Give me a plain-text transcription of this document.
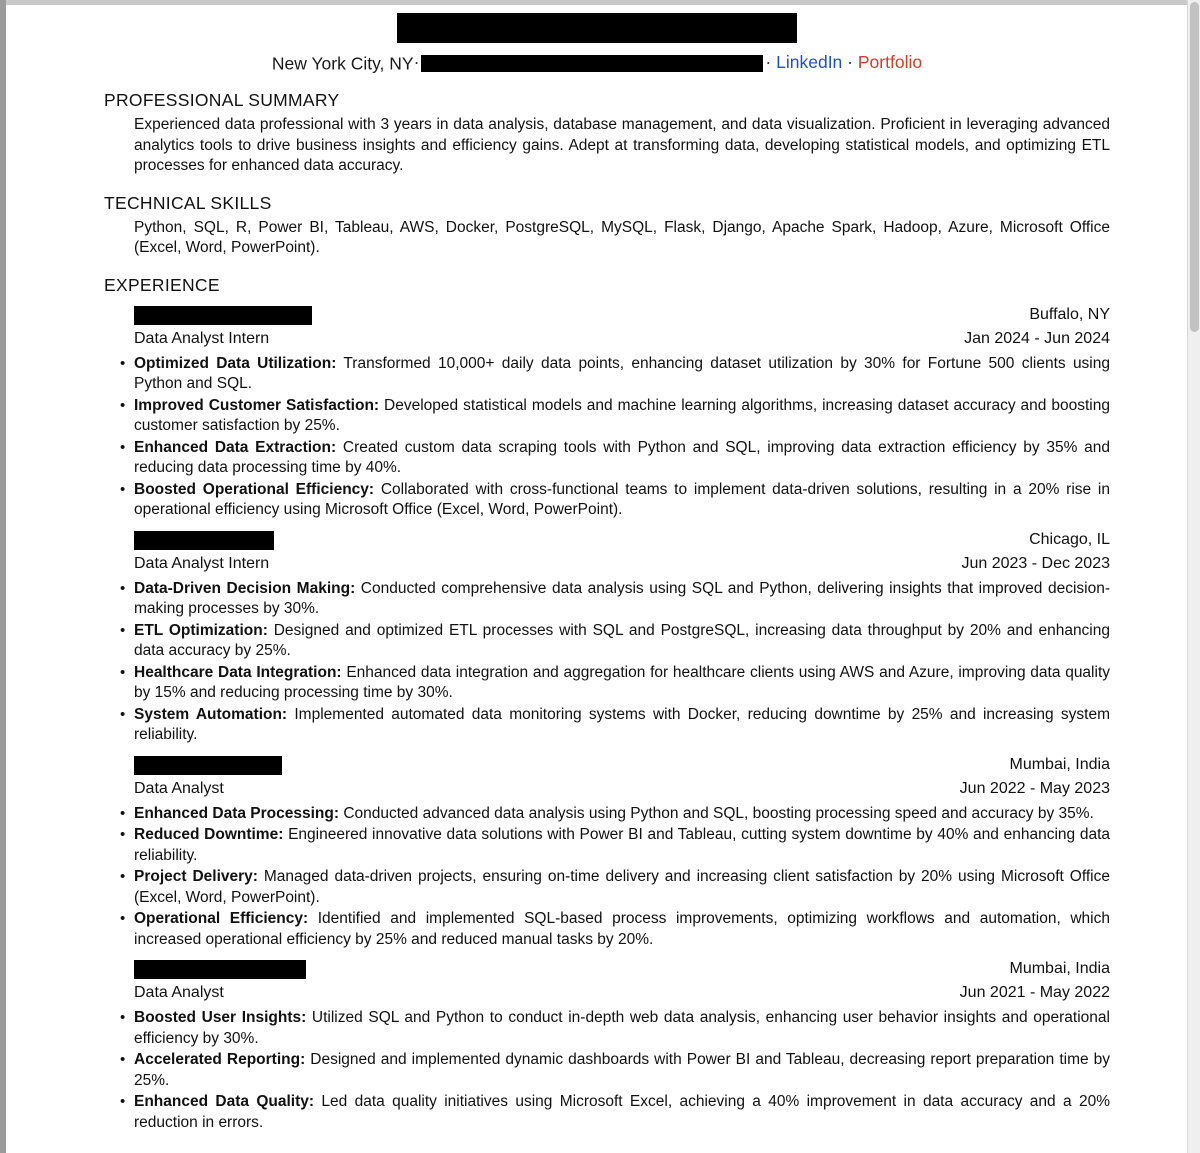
New York City, NY·	· LinkedIn · Portfolio
PROFESSIONAL SUMMARY
Experienced data professional with 3 years in data analysis, database management, and data visualization. Proficient in leveraging advanced analytics tools to drive business insights and efficiency gains. Adept at transforming data, developing statistical models, and optimizing ETL processes for enhanced data accuracy.
TECHNICAL SKILLS
Python, SQL, R, Power BI, Tableau, AWS, Docker, PostgreSQL, MySQL, Flask, Django, Apache Spark, Hadoop, Azure, Microsoft Office (Excel, Word, PowerPoint).
EXPERIENCE
Buffalo, NY
Data Analyst Intern	Jan 2024 - Jun 2024
• Optimized Data Utilization: Transformed 10,000+ daily data points, enhancing dataset utilization by 30% for Fortune 500 clients using Python and SQL.
• Improved Customer Satisfaction: Developed statistical models and machine learning algorithms, increasing dataset accuracy and boosting customer satisfaction by 25%.
• Enhanced Data Extraction: Created custom data scraping tools with Python and SQL, improving data extraction efficiency by 35% and reducing data processing time by 40%.
• Boosted Operational Efficiency: Collaborated with cross-functional teams to implement data-driven solutions, resulting in a 20% rise in operational efficiency using Microsoft Office (Excel, Word, PowerPoint).
Chicago, IL
Data Analyst Intern	Jun 2023 - Dec 2023
• Data-Driven Decision Making: Conducted comprehensive data analysis using SQL and Python, delivering insights that improved decision-making processes by 30%.
• ETL Optimization: Designed and optimized ETL processes with SQL and PostgreSQL, increasing data throughput by 20% and enhancing data accuracy by 25%.
• Healthcare Data Integration: Enhanced data integration and aggregation for healthcare clients using AWS and Azure, improving data quality by 15% and reducing processing time by 30%.
• System Automation: Implemented automated data monitoring systems with Docker, reducing downtime by 25% and increasing system reliability.
Mumbai, India
Data Analyst	Jun 2022 - May 2023
• Enhanced Data Processing: Conducted advanced data analysis using Python and SQL, boosting processing speed and accuracy by 35%.
• Reduced Downtime: Engineered innovative data solutions with Power BI and Tableau, cutting system downtime by 40% and enhancing data reliability.
• Project Delivery: Managed data-driven projects, ensuring on-time delivery and increasing client satisfaction by 20% using Microsoft Office (Excel, Word, PowerPoint).
• Operational Efficiency: Identified and implemented SQL-based process improvements, optimizing workflows and automation, which increased operational efficiency by 25% and reduced manual tasks by 20%.
Mumbai, India
Data Analyst	Jun 2021 - May 2022
• Boosted User Insights: Utilized SQL and Python to conduct in-depth web data analysis, enhancing user behavior insights and operational efficiency by 30%.
• Accelerated Reporting: Designed and implemented dynamic dashboards with Power BI and Tableau, decreasing report preparation time by 25%.
• Enhanced Data Quality: Led data quality initiatives using Microsoft Excel, achieving a 40% improvement in data accuracy and a 20% reduction in errors.
